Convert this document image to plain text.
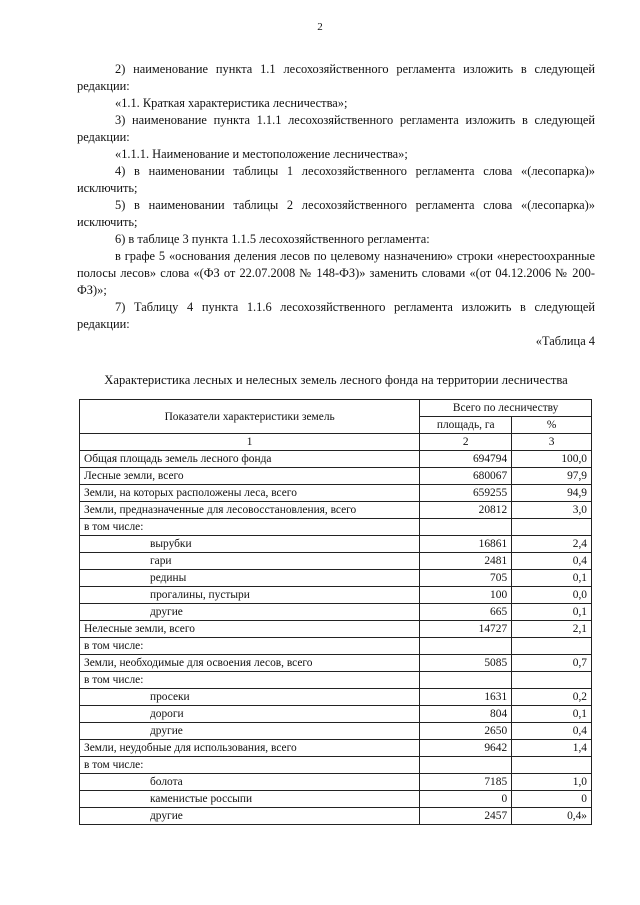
2

2) наименование пункта 1.1 лесохозяйственного регламента изложить в следующей редакции:

«1.1. Краткая характеристика лесничества»;

3) наименование пункта 1.1.1 лесохозяйственного регламента изложить в следующей редакции:

«1.1.1. Наименование и местоположение лесничества»;

4) в наименовании таблицы 1 лесохозяйственного регламента слова «(лесопарка)» исключить;

5) в наименовании таблицы 2 лесохозяйственного регламента слова «(лесопарка)» исключить;

6) в таблице 3 пункта 1.1.5 лесохозяйственного регламента:

в графе 5 «основания деления лесов по целевому назначению» строки «нерестоохранные полосы лесов» слова «(ФЗ от 22.07.2008 № 148-ФЗ)» заменить словами «(от 04.12.2006 № 200-ФЗ)»;

7) Таблицу 4 пункта 1.1.6 лесохозяйственного регламента изложить в следующей редакции:

«Таблица 4

Характеристика лесных и нелесных земель лесного фонда на территории лесничества

Показатели характеристики земель	Всего по лесничеству	
	площадь, га	%
1	2	3
Общая площадь земель лесного фонда	694794	100,0
Лесные земли, всего	680067	97,9
Земли, на которых расположены леса, всего	659255	94,9
Земли, предназначенные для лесовосстановления, всего	20812	3,0
в том числе:		
вырубки	16861	2,4
гари	2481	0,4
редины	705	0,1
прогалины, пустыри	100	0,0
другие	665	0,1
Нелесные земли, всего	14727	2,1
в том числе:		
Земли, необходимые для освоения лесов, всего	5085	0,7
в том числе:		
просеки	1631	0,2
дороги	804	0,1
другие	2650	0,4
Земли, неудобные для использования, всего	9642	1,4
в том числе:		
болота	7185	1,0
каменистые россыпи	0	0
другие	2457	0,4»
